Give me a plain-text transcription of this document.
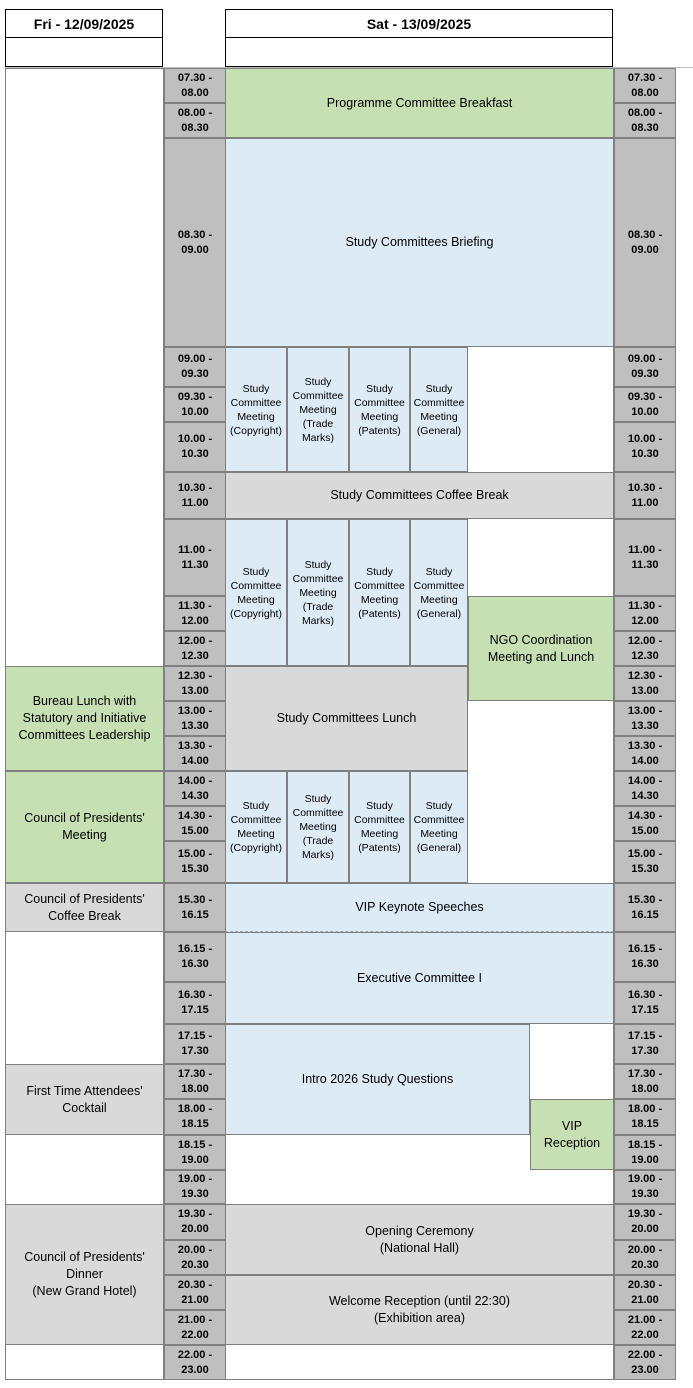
Fri - 12/09/2025	Sat - 13/09/2025
07.30 -
08.00
08.00 -
08.30
08.30 -
09.00
09.00 -
09.30
09.30 -
10.00
10.00 -
10.30
10.30 -
11.00
11.00 -
11.30
11.30 -
12.00
12.00 -
12.30
12.30 -
13.00
13.00 -
13.30
13.30 -
14.00
14.00 -
14.30
14.30 -
15.00
15.00 -
15.30
15.30 -
16.15
16.15 -
16.30
16.30 -
17.15
17.15 -
17.30
17.30 -
18.00
18.00 -
18.15
18.15 -
19.00
19.00 -
19.30
19.30 -
20.00
20.00 -
20.30
20.30 -
21.00
21.00 -
22.00
22.00 -
23.00
07.30 -
08.00
08.00 -
08.30
08.30 -
09.00
09.00 -
09.30
09.30 -
10.00
10.00 -
10.30
10.30 -
11.00
11.00 -
11.30
11.30 -
12.00
12.00 -
12.30
12.30 -
13.00
13.00 -
13.30
13.30 -
14.00
14.00 -
14.30
14.30 -
15.00
15.00 -
15.30
15.30 -
16.15
16.15 -
16.30
16.30 -
17.15
17.15 -
17.30
17.30 -
18.00
18.00 -
18.15
18.15 -
19.00
19.00 -
19.30
19.30 -
20.00
20.00 -
20.30
20.30 -
21.00
21.00 -
22.00
22.00 -
23.00
Bureau Lunch with
Statutory and Initiative
Committees Leadership
Council of Presidents'
Meeting
Council of Presidents'
Coffee Break
First Time Attendees'
Cocktail
Council of Presidents'
Dinner
(New Grand Hotel)
Programme Committee Breakfast
Study Committees Briefing
Study
Committee
Meeting
(Copyright)
Study
Committee
Meeting
(Trade
Marks)
Study
Committee
Meeting
(Patents)
Study
Committee
Meeting
(General)
Study Committees Coffee Break
Study
Committee
Meeting
(Copyright)
Study
Committee
Meeting
(Trade
Marks)
Study
Committee
Meeting
(Patents)
Study
Committee
Meeting
(General)
NGO Coordination
Meeting and Lunch
Study Committees Lunch
Study
Committee
Meeting
(Copyright)
Study
Committee
Meeting
(Trade
Marks)
Study
Committee
Meeting
(Patents)
Study
Committee
Meeting
(General)
VIP Keynote Speeches
Executive Committee I
Intro 2026 Study Questions
VIP Reception
Opening Ceremony
(National Hall)
Welcome Reception (until 22:30)
(Exhibition area)
